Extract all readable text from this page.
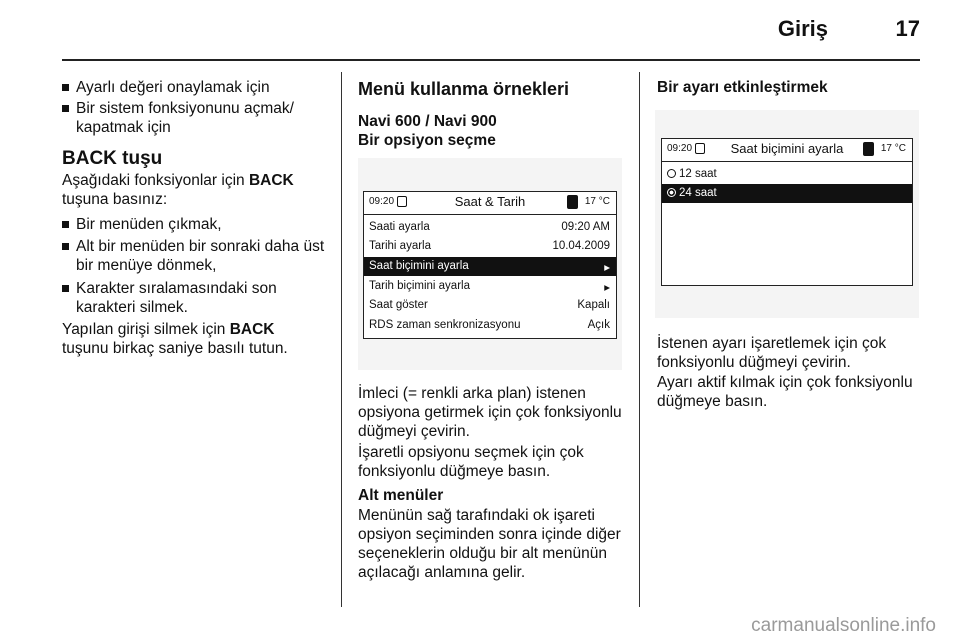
Giriş	17
Ayarlı değeri onaylamak için
Bir sistem fonksiyonunu açmak/ kapatmak için
BACK tuşu
Aşağıdaki fonksiyonlar için BACK
tuşuna basınız:
Bir menüden çıkmak,
Alt bir menüden bir sonraki daha üst bir menüye dönmek,
Karakter sıralamasındaki son karakteri silmek.
Yapılan girişi silmek için BACK
tuşunu birkaç saniye basılı tutun.
Menü kullanma örnekleri
Navi 600 / Navi 900
Bir opsiyon seçme
09:20	Saat & Tarih	17 °C
Saati ayarla	09:20 AM
Tarihi ayarla	10.04.2009
Saat biçimini ayarla	▸
Tarih biçimini ayarla	▸
Saat göster	Kapalı
RDS zaman senkronizasyonu	Açık
İmleci (= renkli arka plan) istenen opsiyona getirmek için çok fonksiyonlu düğmeyi çevirin.
İşaretli opsiyonu seçmek için çok fonksiyonlu düğmeye basın.
Alt menüler
Menünün sağ tarafındaki ok işareti opsiyon seçiminden sonra içinde diğer seçeneklerin olduğu bir alt menünün açılacağı anlamına gelir.
Bir ayarı etkinleştirmek
09:20	Saat biçimini ayarla	17 °C
12 saat
24 saat
İstenen ayarı işaretlemek için çok fonksiyonlu düğmeyi çevirin.
Ayarı aktif kılmak için çok fonksiyonlu düğmeye basın.
carmanualsonline.info
